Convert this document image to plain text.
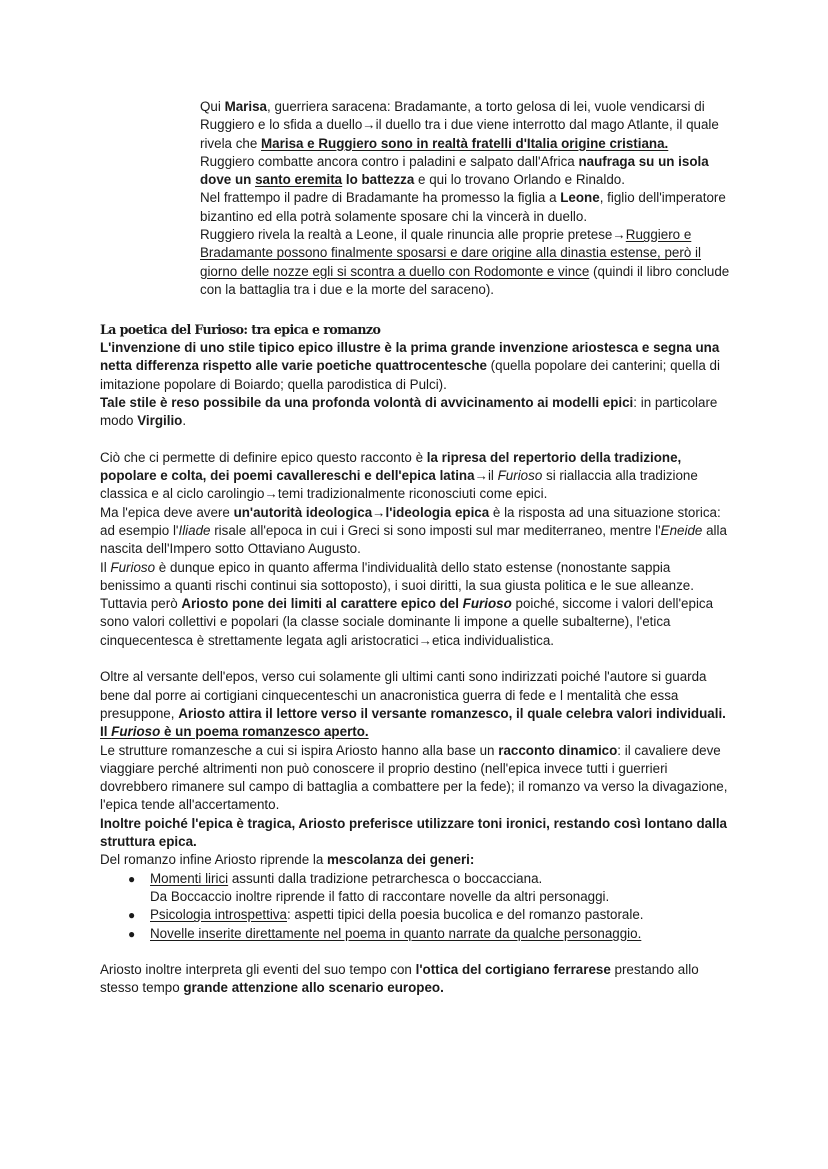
Qui Marisa, guerriera saracena: Bradamante, a torto gelosa di lei, vuole vendicarsi di Ruggiero e lo sfida a duello→il duello tra i due viene interrotto dal mago Atlante, il quale rivela che Marisa e Ruggiero sono in realtà fratelli d'Italia origine cristiana.

Ruggiero combatte ancora contro i paladini e salpato dall'Africa naufraga su un isola dove un santo eremita lo battezza e qui lo trovano Orlando e Rinaldo.

Nel frattempo il padre di Bradamante ha promesso la figlia a Leone, figlio dell'imperatore bizantino ed ella potrà solamente sposare chi la vincerà in duello.

Ruggiero rivela la realtà a Leone, il quale rinuncia alle proprie pretese→Ruggiero e Bradamante possono finalmente sposarsi e dare origine alla dinastia estense, però il giorno delle nozze egli si scontra a duello con Rodomonte e vince (quindi il libro conclude con la battaglia tra i due e la morte del saraceno).

La poetica del Furioso: tra epica e romanzo

L'invenzione di uno stile tipico epico illustre è la prima grande invenzione ariostesca e segna una netta differenza rispetto alle varie poetiche quattrocentesche (quella popolare dei canterini; quella di imitazione popolare di Boiardo; quella parodistica di Pulci).

Tale stile è reso possibile da una profonda volontà di avvicinamento ai modelli epici: in particolare modo Virgilio.

Ciò che ci permette di definire epico questo racconto è la ripresa del repertorio della tradizione, popolare e colta, dei poemi cavallereschi e dell'epica latina→il Furioso si riallaccia alla tradizione classica e al ciclo carolingio→temi tradizionalmente riconosciuti come epici.

Ma l'epica deve avere un'autorità ideologica→l'ideologia epica è la risposta ad una situazione storica: ad esempio l'Iliade risale all'epoca in cui i Greci si sono imposti sul mar mediterraneo, mentre l'Eneide alla nascita dell'Impero sotto Ottaviano Augusto.

Il Furioso è dunque epico in quanto afferma l'individualità dello stato estense (nonostante sappia benissimo a quanti rischi continui sia sottoposto), i suoi diritti, la sua giusta politica e le sue alleanze.

Tuttavia però Ariosto pone dei limiti al carattere epico del Furioso poiché, siccome i valori dell'epica sono valori collettivi e popolari (la classe sociale dominante li impone a quelle subalterne), l'etica cinquecentesca è strettamente legata agli aristocratici→etica individualistica.

Oltre al versante dell'epos, verso cui solamente gli ultimi canti sono indirizzati poiché l'autore si guarda bene dal porre ai cortigiani cinquecenteschi un anacronistica guerra di fede e l mentalità che essa presuppone, Ariosto attira il lettore verso il versante romanzesco, il quale celebra valori individuali.

Il Furioso è un poema romanzesco aperto.

Le strutture romanzesche a cui si ispira Ariosto hanno alla base un racconto dinamico: il cavaliere deve viaggiare perché altrimenti non può conoscere il proprio destino (nell'epica invece tutti i guerrieri dovrebbero rimanere sul campo di battaglia a combattere per la fede); il romanzo va verso la divagazione, l'epica tende all'accertamento.

Inoltre poiché l'epica è tragica, Ariosto preferisce utilizzare toni ironici, restando così lontano dalla struttura epica.

Del romanzo infine Ariosto riprende la mescolanza dei generi:

● Momenti lirici assunti dalla tradizione petrarchesca o boccacciana.
Da Boccaccio inoltre riprende il fatto di raccontare novelle da altri personaggi.
● Psicologia introspettiva: aspetti tipici della poesia bucolica e del romanzo pastorale.
● Novelle inserite direttamente nel poema in quanto narrate da qualche personaggio.

Ariosto inoltre interpreta gli eventi del suo tempo con l'ottica del cortigiano ferrarese prestando allo stesso tempo grande attenzione allo scenario europeo.
